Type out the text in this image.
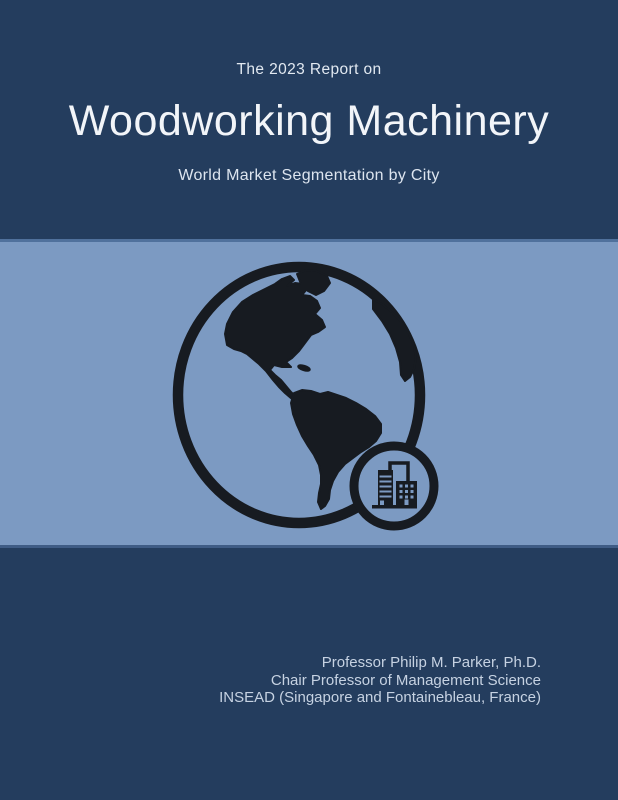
The 2023 Report on
Woodworking Machinery
World Market Segmentation by City
Professor Philip M. Parker, Ph.D.
Chair Professor of Management Science
INSEAD (Singapore and Fontainebleau, France)
